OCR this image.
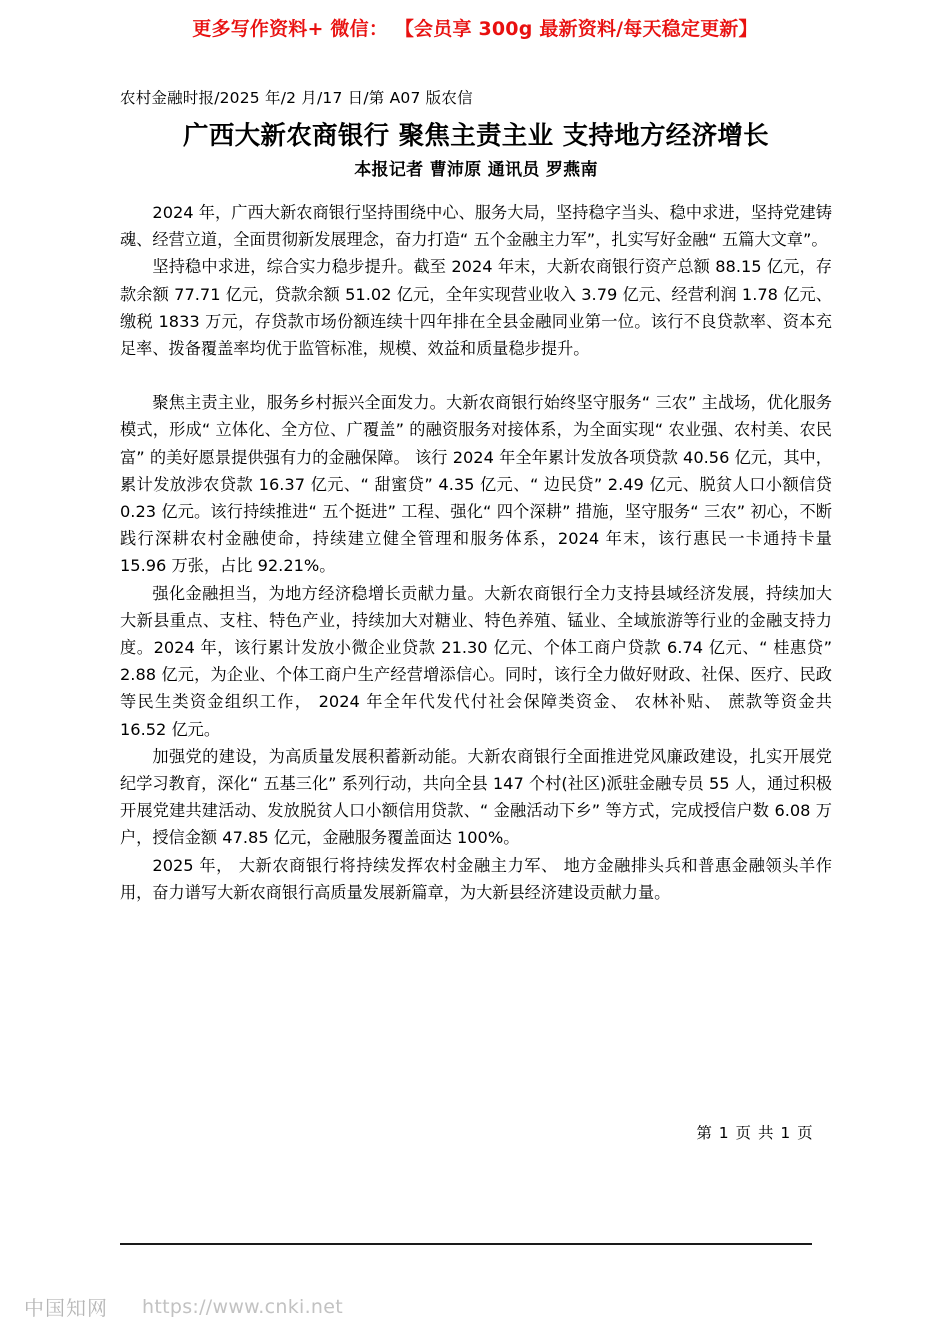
更多写作资料+ 微信： 【会员享 300g 最新资料/每天稳定更新】
农村金融时报/2025 年/2 月/17 日/第 A07 版农信
广西大新农商银行 聚焦主责主业 支持地方经济增长
本报记者 曹沛原 通讯员 罗燕南

2024 年，广西大新农商银行坚持围绕中心、服务大局，坚持稳字当头、稳中求进，坚持党建铸魂、经营立道，全面贯彻新发展理念，奋力打造“ 五个金融主力军”，扎实写好金融“ 五篇大文章”。

坚持稳中求进，综合实力稳步提升。截至 2024 年末，大新农商银行资产总额 88.15 亿元，存款余额 77.71 亿元，贷款余额 51.02 亿元，全年实现营业收入 3.79 亿元、经营利润 1.78 亿元、缴税 1833 万元，存贷款市场份额连续十四年排在全县金融同业第一位。该行不良贷款率、资本充足率、拨备覆盖率均优于监管标准，规模、效益和质量稳步提升。

聚焦主责主业，服务乡村振兴全面发力。大新农商银行始终坚守服务“ 三农” 主战场，优化服务模式，形成“ 立体化、全方位、广覆盖” 的融资服务对接体系，为全面实现“ 农业强、农村美、农民富” 的美好愿景提供强有力的金融保障。 该行 2024 年全年累计发放各项贷款 40.56 亿元，其中，累计发放涉农贷款 16.37 亿元、“ 甜蜜贷” 4.35 亿元、“ 边民贷” 2.49 亿元、脱贫人口小额信贷 0.23 亿元。该行持续推进“ 五个挺进” 工程、强化“ 四个深耕” 措施，坚守服务“ 三农” 初心，不断践行深耕农村金融使命，持续建立健全管理和服务体系，2024 年末，该行惠民一卡通持卡量 15.96 万张，占比 92.21%。

强化金融担当，为地方经济稳增长贡献力量。大新农商银行全力支持县域经济发展，持续加大大新县重点、支柱、特色产业，持续加大对糖业、特色养殖、锰业、全域旅游等行业的金融支持力度。2024 年，该行累计发放小微企业贷款 21.30 亿元、个体工商户贷款 6.74 亿元、“ 桂惠贷” 2.88 亿元，为企业、个体工商户生产经营增添信心。同时，该行全力做好财政、社保、医疗、民政等民生类资金组织工作， 2024 年全年代发代付社会保障类资金、 农林补贴、 蔗款等资金共 16.52 亿元。

加强党的建设，为高质量发展积蓄新动能。大新农商银行全面推进党风廉政建设，扎实开展党纪学习教育，深化“ 五基三化” 系列行动，共向全县 147 个村(社区)派驻金融专员 55 人，通过积极开展党建共建活动、发放脱贫人口小额信用贷款、“ 金融活动下乡” 等方式，完成授信户数 6.08 万户，授信金额 47.85 亿元，金融服务覆盖面达 100%。

2025 年， 大新农商银行将持续发挥农村金融主力军、 地方金融排头兵和普惠金融领头羊作用，奋力谱写大新农商银行高质量发展新篇章，为大新县经济建设贡献力量。

第 1 页 共 1 页
中国知网 https://www.cnki.net
